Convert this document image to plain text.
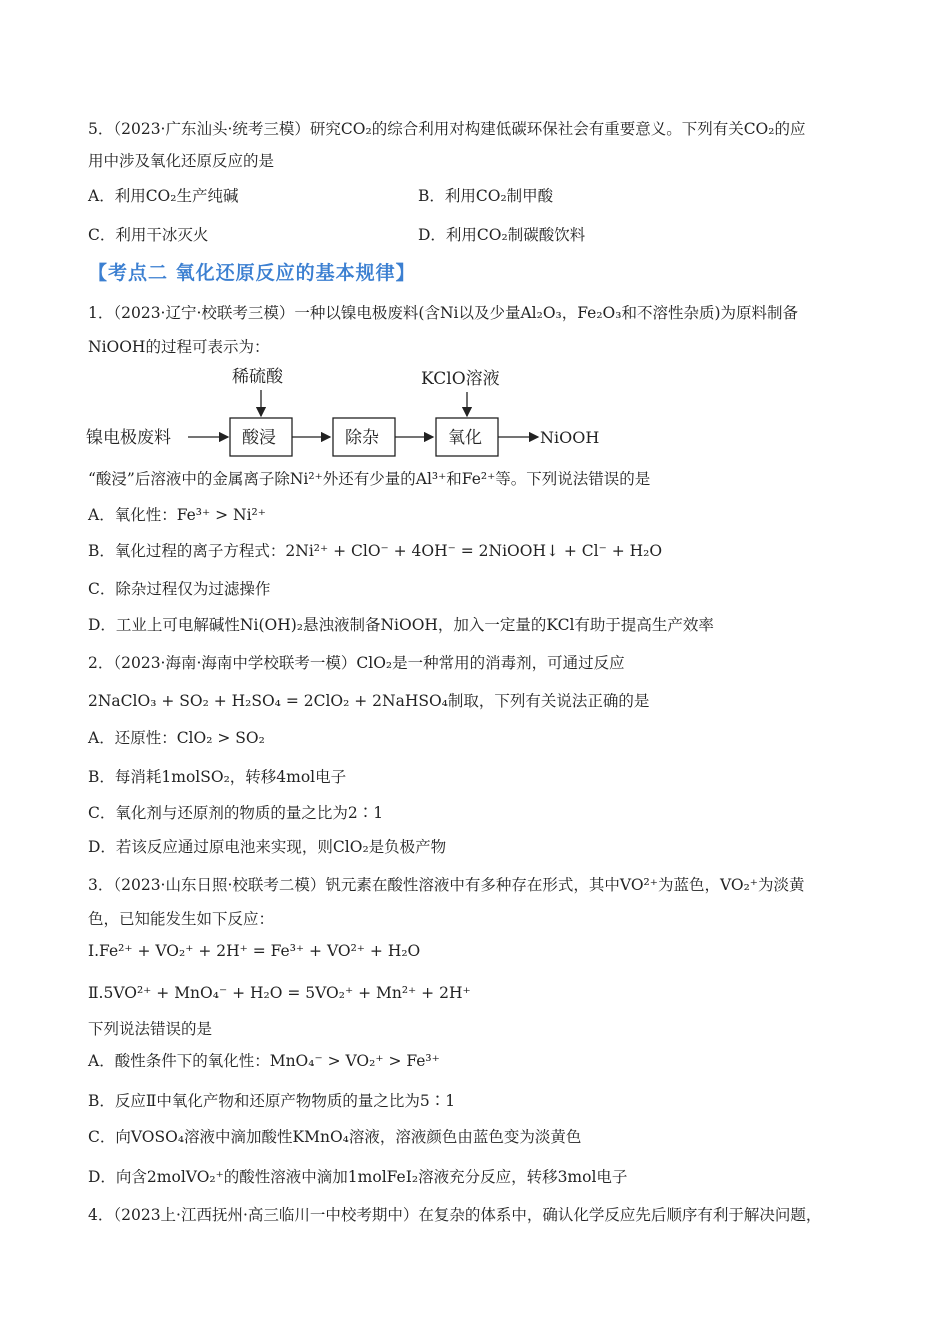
5．（2023·广东汕头·统考三模）研究CO₂的综合利用对构建低碳环保社会有重要意义。下列有关CO₂的应
用中涉及氧化还原反应的是
A．利用CO₂生产纯碱	B．利用CO₂制甲酸
C．利用干冰灭火	D．利用CO₂制碳酸饮料
【考点二 氧化还原反应的基本规律】
1．（2023·辽宁·校联考三模）一种以镍电极废料(含Ni以及少量Al₂O₃，Fe₂O₃和不溶性杂质)为原料制备
NiOOH的过程可表示为：
稀硫酸	KClO溶液
镍电极废料	酸浸	除杂	氧化	NiOOH
“酸浸”后溶液中的金属离子除Ni²⁺外还有少量的Al³⁺和Fe²⁺等。下列说法错误的是
A．氧化性：Fe³⁺ > Ni²⁺
B．氧化过程的离子方程式：2Ni²⁺ + ClO⁻ + 4OH⁻ = 2NiOOH↓ + Cl⁻ + H₂O
C．除杂过程仅为过滤操作
D．工业上可电解碱性Ni(OH)₂悬浊液制备NiOOH，加入一定量的KCl有助于提高生产效率
2．（2023·海南·海南中学校联考一模）ClO₂是一种常用的消毒剂，可通过反应
2NaClO₃ + SO₂ + H₂SO₄ = 2ClO₂ + 2NaHSO₄制取，下列有关说法正确的是
A．还原性：ClO₂ > SO₂
B．每消耗1molSO₂，转移4mol电子
C．氧化剂与还原剂的物质的量之比为2∶1
D．若该反应通过原电池来实现，则ClO₂是负极产物
3．（2023·山东日照·校联考二模）钒元素在酸性溶液中有多种存在形式，其中VO²⁺为蓝色，VO₂⁺为淡黄
色，已知能发生如下反应：
Ⅰ.Fe²⁺ + VO₂⁺ + 2H⁺ = Fe³⁺ + VO²⁺ + H₂O
Ⅱ.5VO²⁺ + MnO₄⁻ + H₂O = 5VO₂⁺ + Mn²⁺ + 2H⁺
下列说法错误的是
A．酸性条件下的氧化性：MnO₄⁻ > VO₂⁺ > Fe³⁺
B．反应Ⅱ中氧化产物和还原产物物质的量之比为5∶1
C．向VOSO₄溶液中滴加酸性KMnO₄溶液，溶液颜色由蓝色变为淡黄色
D．向含2molVO₂⁺的酸性溶液中滴加1molFeI₂溶液充分反应，转移3mol电子
4．（2023上·江西抚州·高三临川一中校考期中）在复杂的体系中，确认化学反应先后顺序有利于解决问题，
